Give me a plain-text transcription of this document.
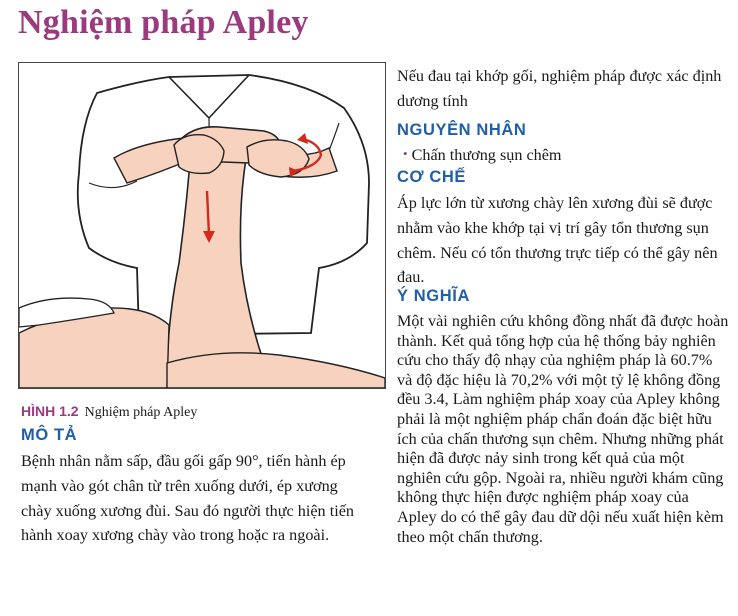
Nghiệm pháp Apley
HÌNH 1.2 Nghiệm pháp Apley
MÔ TẢ
Bệnh nhân nằm sấp, đầu gối gấp 90°, tiến hành ép mạnh vào gót chân từ trên xuống dưới, ép xương chày xuống xương đùi. Sau đó người thực hiện tiến hành xoay xương chày vào trong hoặc ra ngoài.
Nếu đau tại khớp gối, nghiệm pháp được xác định dương tính
NGUYÊN NHÂN
• Chấn thương sụn chêm
CƠ CHẾ
Áp lực lớn từ xương chày lên xương đùi sẽ được nhằm vào khe khớp tại vị trí gây tổn thương sụn chêm. Nếu có tổn thương trực tiếp có thể gây nên đau.
Ý NGHĨA
Một vài nghiên cứu không đồng nhất đã được hoàn thành. Kết quả tổng hợp của hệ thống bảy nghiên cứu cho thấy độ nhạy của nghiệm pháp là 60.7% và độ đặc hiệu là 70,2% với một tỷ lệ không đồng đều 3.4, Làm nghiệm pháp xoay của Apley không phải là một nghiệm pháp chẩn đoán đặc biệt hữu ích của chấn thương sụn chêm. Nhưng những phát hiện đã được nảy sinh trong kết quả của một nghiên cứu gộp. Ngoài ra, nhiều người khám cũng không thực hiện được nghiệm pháp xoay của Apley do có thể gây đau dữ dội nếu xuất hiện kèm theo một chấn thương.
